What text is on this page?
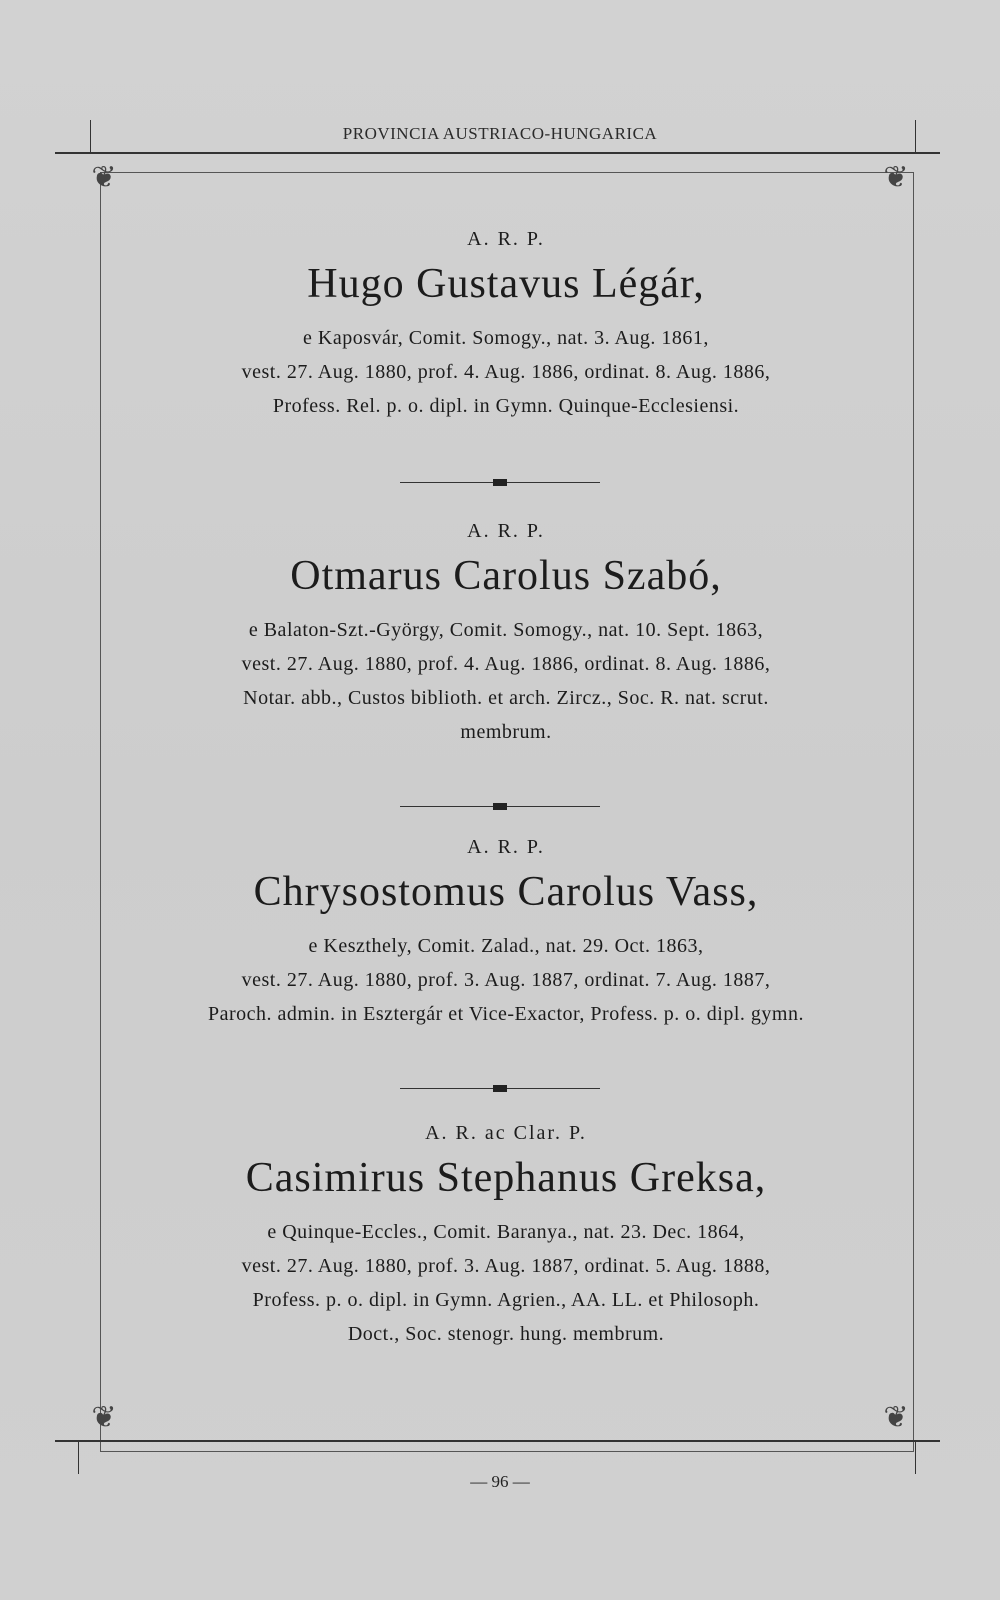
PROVINCIA AUSTRIACO-HUNGARICA
❦	❦
❦	❦
A. R. P.
Hugo Gustavus Légár,
e Kaposvár, Comit. Somogy., nat. 3. Aug. 1861,
vest. 27. Aug. 1880, prof. 4. Aug. 1886, ordinat. 8. Aug. 1886,
Profess. Rel. p. o. dipl. in Gymn. Quinque-Ecclesiensi.
A. R. P.
Otmarus Carolus Szabó,
e Balaton-Szt.-György, Comit. Somogy., nat. 10. Sept. 1863,
vest. 27. Aug. 1880, prof. 4. Aug. 1886, ordinat. 8. Aug. 1886,
Notar. abb., Custos biblioth. et arch. Zircz., Soc. R. nat. scrut.
membrum.
A. R. P.
Chrysostomus Carolus Vass,
e Keszthely, Comit. Zalad., nat. 29. Oct. 1863,
vest. 27. Aug. 1880, prof. 3. Aug. 1887, ordinat. 7. Aug. 1887,
Paroch. admin. in Esztergár et Vice-Exactor, Profess. p. o. dipl. gymn.
A. R. ac Clar. P.
Casimirus Stephanus Greksa,
e Quinque-Eccles., Comit. Baranya., nat. 23. Dec. 1864,
vest. 27. Aug. 1880, prof. 3. Aug. 1887, ordinat. 5. Aug. 1888,
Profess. p. o. dipl. in Gymn. Agrien., AA. LL. et Philosoph.
Doct., Soc. stenogr. hung. membrum.
— 96 —
